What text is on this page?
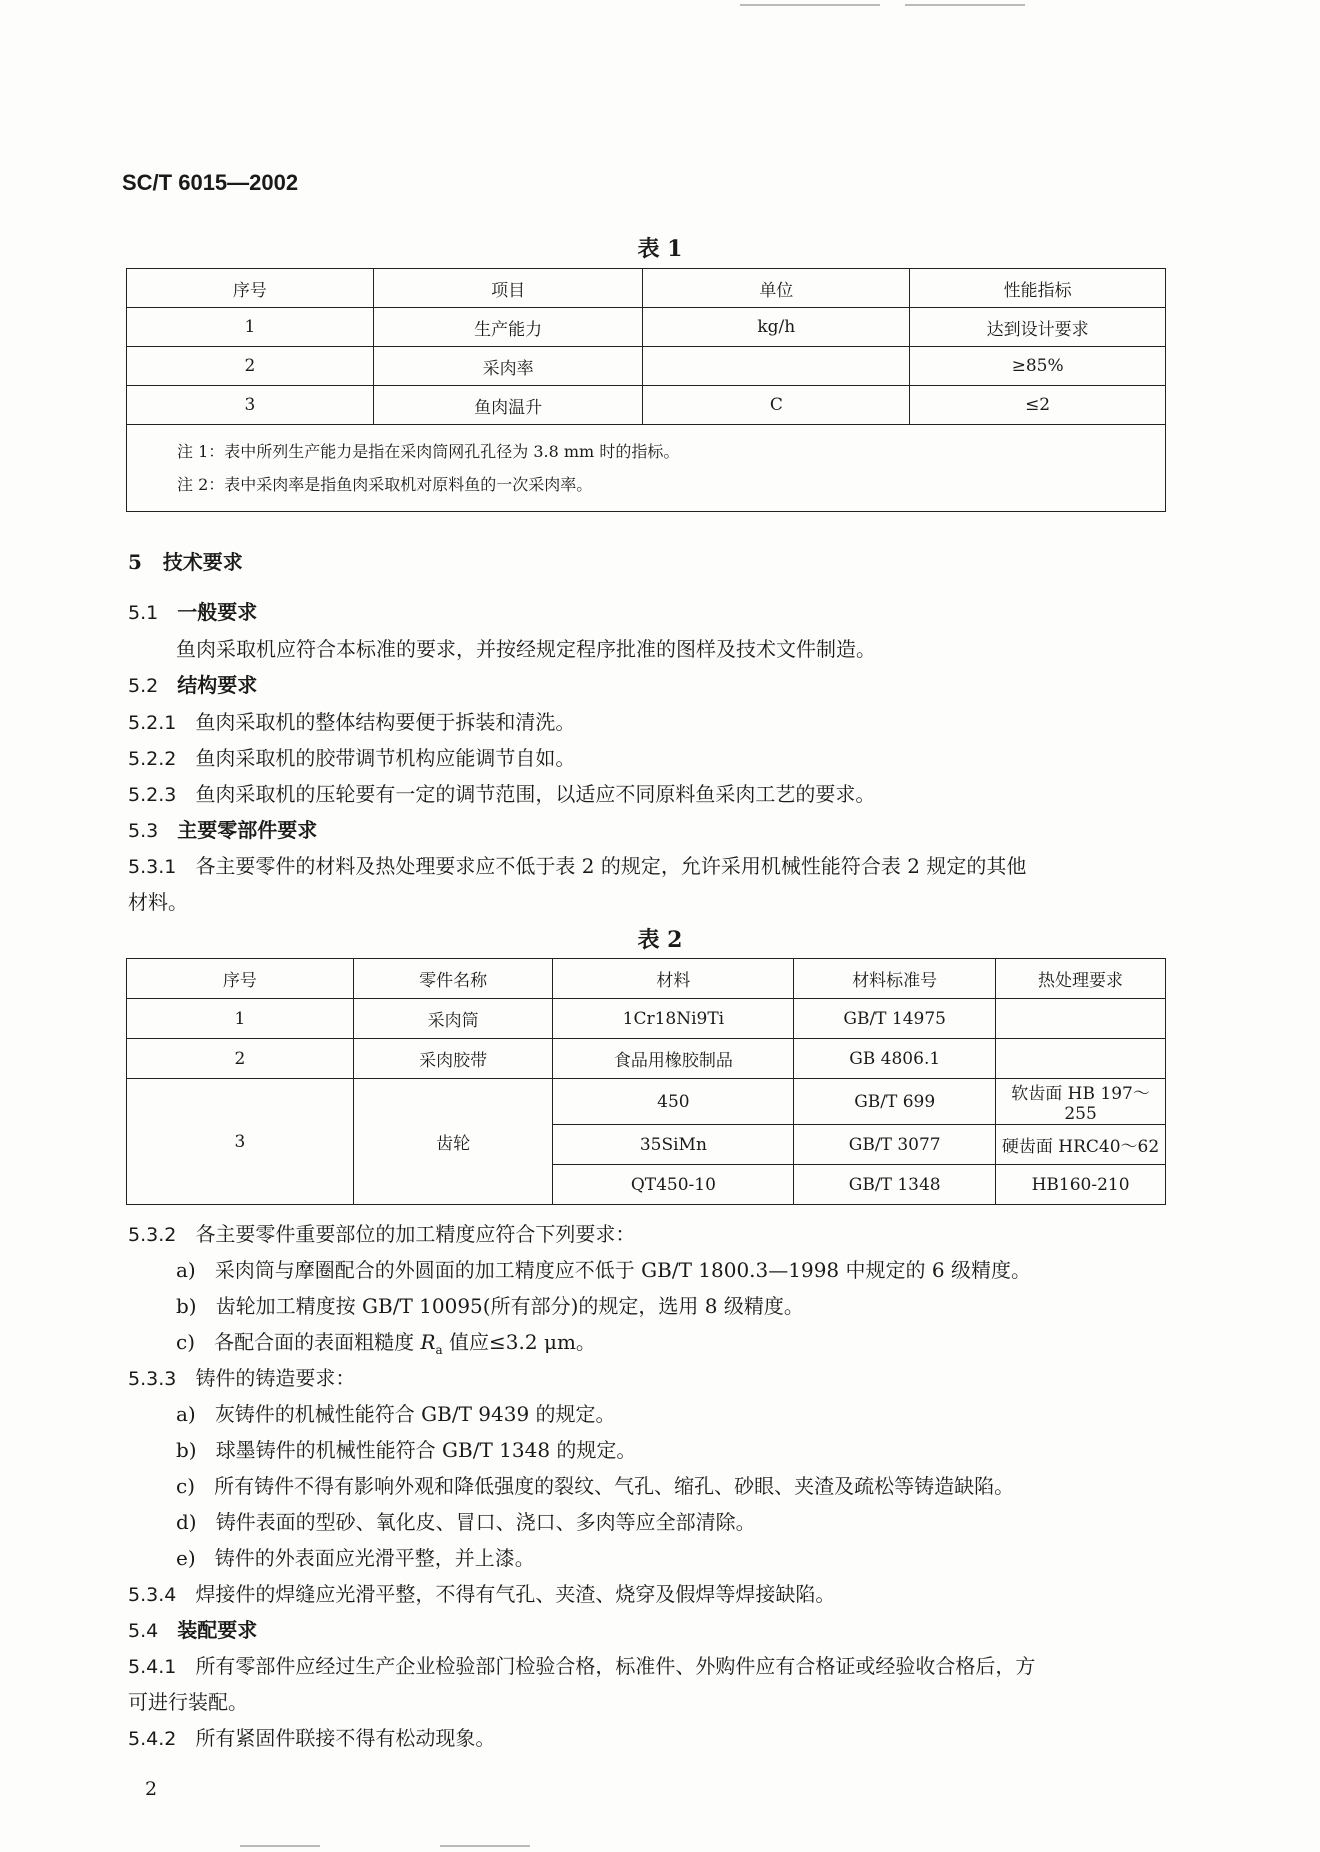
SC/T 6015—2002
表 1
序号	项目	单位	性能指标
1	生产能力	kg/h	达到设计要求
2	采肉率		≥85%
3	鱼肉温升	C	≤2

注 1：表中所列生产能力是指在采肉筒网孔孔径为 3.8 mm 时的指标。
注 2：表中采肉率是指鱼肉采取机对原料鱼的一次采肉率。			
5 技术要求
5.1 一般要求
鱼肉采取机应符合本标准的要求，并按经规定程序批准的图样及技术文件制造。
5.2 结构要求
5.2.1 鱼肉采取机的整体结构要便于拆装和清洗。
5.2.2 鱼肉采取机的胶带调节机构应能调节自如。
5.2.3 鱼肉采取机的压轮要有一定的调节范围，以适应不同原料鱼采肉工艺的要求。
5.3 主要零部件要求
5.3.1 各主要零件的材料及热处理要求应不低于表 2 的规定，允许采用机械性能符合表 2 规定的其他
材料。
表 2
序号	零件名称	材料	材料标准号	热处理要求
1	采肉筒	1Cr18Ni9Ti	GB/T 14975	
2	采肉胶带	食品用橡胶制品	GB 4806.1	
3	齿轮	450	GB/T 699	软齿面 HB 197～255
		35SiMn	GB/T 3077	硬齿面 HRC40～62
		QT450-10	GB/T 1348	HB160-210
5.3.2 各主要零件重要部位的加工精度应符合下列要求：
a) 采肉筒与摩圈配合的外圆面的加工精度应不低于 GB/T 1800.3—1998 中规定的 6 级精度。
b) 齿轮加工精度按 GB/T 10095(所有部分)的规定，选用 8 级精度。
c) 各配合面的表面粗糙度 $R_a$ 值应≤3.2 μm。
5.3.3 铸件的铸造要求：
a) 灰铸件的机械性能符合 GB/T 9439 的规定。
b) 球墨铸件的机械性能符合 GB/T 1348 的规定。
c) 所有铸件不得有影响外观和降低强度的裂纹、气孔、缩孔、砂眼、夹渣及疏松等铸造缺陷。
d) 铸件表面的型砂、氧化皮、冒口、浇口、多肉等应全部清除。
e) 铸件的外表面应光滑平整，并上漆。
5.3.4 焊接件的焊缝应光滑平整，不得有气孔、夹渣、烧穿及假焊等焊接缺陷。
5.4 装配要求
5.4.1 所有零部件应经过生产企业检验部门检验合格，标准件、外购件应有合格证或经验收合格后，方
可进行装配。
5.4.2 所有紧固件联接不得有松动现象。
2
